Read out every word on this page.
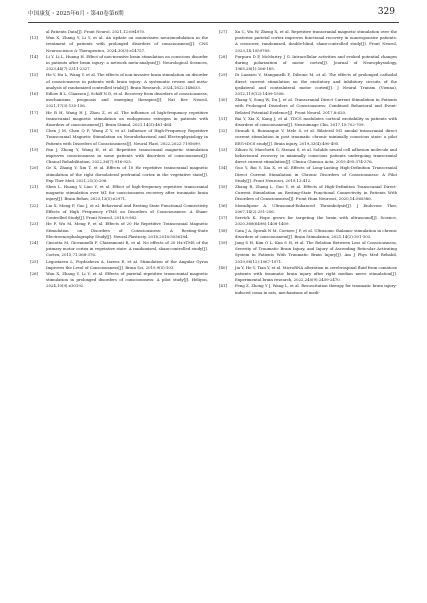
中国康复・2025年6月・第40卷第6期	329
al Patients Data[J]. Front Neurol, 2021,12:694970.
[13]	Wan X, Zhang Y, Li Y, et al. An update on noninvasive neuromodulation in the treatment of patients with prolonged disorders of consciousness[J]. CNS Neuroscience & Therapeutics, 2024,30(3):e14757.
[14]	Li Y, Li L, Huang H. Effect of non-invasive brain stimulation on conscious disorder in patients after brain injury: a network meta-analysis[J]. Neurological Sciences, 2023,44(7):2311-2327.
[15]	He Y, Hu L, Wang Y, et al. The effects of non-invasive brain stimulation on disorder of consciousness in patients with brain injury: A systematic review and meta-analysis of randomized controlled trials[J]. Brain Research, 2024,1822:148633.
[16]	Edlow B L, Claassen J, Schiff N D, et al. Recovery from disorders of consciousness, mechanisms, prognosis and emerging therapies[J]. Nat Rev Neurol, 2021,17(3):135-156.
[17]	He R H, Wang H J, Zhou Z, et al. The influence of high-frequency repetitive transcranial magnetic stimulation on endogenous estrogen in patients with disorders of consciousness[J]. Brain Stimul, 2021,14(3):461-464.
[18]	Chen J M, Chen Q F, Wang Z Y, et al. Influence of High-Frequency Repetitive Transcranial Magnetic Stimulation on Neurobehavioral and Electrophysiology in Patients with Disorders of Consciousness[J]. Neural Plast, 2022,2022:7195699.
[19]	Fan J, Zhong Y, Wang H, et al. Repetitive transcranial magnetic stimulation improves consciousness in some patients with disorders of consciousness[J]. Clinical Rehabilitation, 2022,36(7):916-925.
[20]	Ge X, Zhang Y, Xin T, et al. Effects of 10 Hz repetitive transcranial magnetic stimulation of the right dorsolateral prefrontal cortex in the vegetative state[J]. Exp Ther Med, 2021,21(3):206.
[21]	Shen L, Huang Y, Liao Y, et al. Effect of high-frequency repetitive transcranial magnetic stimulation over M1 for consciousness recovery after traumatic brain injury[J]. Brain Behav, 2023,13(5):e2971.
[22]	Liu X, Meng F, Gao J, et al. Behavioral and Resting State Functional Connectivity Effects of High Frequency rTMS on Disorders of Consciousness: A Sham-Controlled Study[J]. Front Neurol, 2018,9:982.
[23]	He F, Wu M, Meng F, et al. Effects of 20 Hz Repetitive Transcranial Magnetic Stimulation on Disorders of Consciousness: A Resting-State Electroencephalography Study[J]. Neural Plasticity, 2018,2018:5036184.
[24]	Cincotta M, Giovannelli F, Chiaramonti R, et al. No effects of 20 Hz-rTMS of the primary motor cortex in vegetative state: A randomised, sham-controlled study[J]. Cortex, 2015,71:368-376.
[25]	Legostaeva L, Poydasheva A, Iazeva E, et al. Stimulation of the Angular Gyrus Improves the Level of Consciousness[J]. Brain Sci, 2019,9(5):103.
[26]	Wan X, Zhang Y, Li Y, et al. Effects of parietal repetitive transcranial magnetic stimulation in prolonged disorders of consciousness: A pilot study[J]. Heliyon, 2024,10(9):e30192.
[27]	Xu C, Wu W, Zheng X, et al. Repetitive transcranial magnetic stimulation over the posterior parietal cortex improves functional recovery in nonresponsive patients: A crossover, randomized, double-blind, sham-controlled study[J]. Front Neurol, 2023,14:1059789.
[28]	Purpura D P, McMurtry J G. Intracellular activities and evoked potential changes during polarization of motor cortex[J]. Journal of Neurophysiology, 1965,28(1):166-185.
[29]	Di Lazzaro V, Manganelli F, Dileone M, et al. The effects of prolonged cathodal direct current stimulation on the excitatory and inhibitory circuits of the ipsilateral and contralateral motor cortex[J]. J Neural Transm (Vienna), 2012,119(12):1499-1506.
[30]	Zhang Y, Song W, Du J, et al. Transcranial Direct Current Stimulation in Patients with Prolonged Disorders of Consciousness: Combined Behavioral and Event-Related Potential Evidence[J]. Front Neurol, 2017,8:620.
[31]	Bai Y, Xia X, Kang J, et al. TDCS modulates cortical excitability in patients with disorders of consciousness[J]. Neuroimage Clin, 2017,15:702-709.
[32]	Straudi S, Bonsangue V, Mele S, et al. Bilateral M1 anodal transcranial direct current stimulation in post traumatic chronic minimally conscious state: a pilot EEG-tDCS study[J]. Brain injury, 2019,33(4):490-495.
[33]	Zilioro N, Marchetti G, Strausi S, et al. Soluble neural cell adhesion molecule and behavioural recovery in minimally conscious patients undergoing transcranial direct current stimulation[J]. Clinica Chimica Acta, 2019,495:374-376.
[34]	Guo Y, Bai Y, Xia X, et al. Effects of Long-Lasting High-Definition Transcranial Direct Current Stimulation in Chronic Disorders of Consciousness: A Pilot Study[J]. Front Neurosci, 2019,13:412.
[35]	Zhang R, Zhang L, Guo Y, et al. Effects of High-Definition Transcranial Direct-Current Stimulation on Resting-State Functional Connectivity in Patients With Disorders of Consciousness[J]. Front Hum Neurosci, 2020,14:560586.
[36]	Moradipour A. Ultrasound-Enhanced Thrombolysis[J]. J Endovasc Ther, 2007,14(2):251-256.
[37]	Servick K. Hope grows for targeting the brain with ultrasound[J]. Science, 2020,368(6498):1408-1409.
[38]	Cain J A, Spivak N M, Coetzee J P, et al. Ultrasonic thalamic stimulation in chronic disorders of consciousness[J]. Brain Stimulation, 2021,14(2):301-303.
[39]	Jang S H, Kim O L, Kim S H, et al. The Relation Between Loss of Consciousness, Severity of Traumatic Brain Injury, and Injury of Ascending Reticular Activating System in Patients With Traumatic Brain Injury[J]. Am J Phys Med Rehabil, 2019,98(12):1067-1071.
[40]	Jia Y, He Y, Tian Y, et al. MicroRNA alteration in cerebrospinal fluid from comatose patients with traumatic brain injury after right median nerve stimulation[J]. Experimental brain research, 2022,240(9):2459-2470.
[41]	Feng Z, Zhong Y J, Wang L, et al. Resuscitation therapy for traumatic brain injury-induced coma in rats, mechanisms of medi-
